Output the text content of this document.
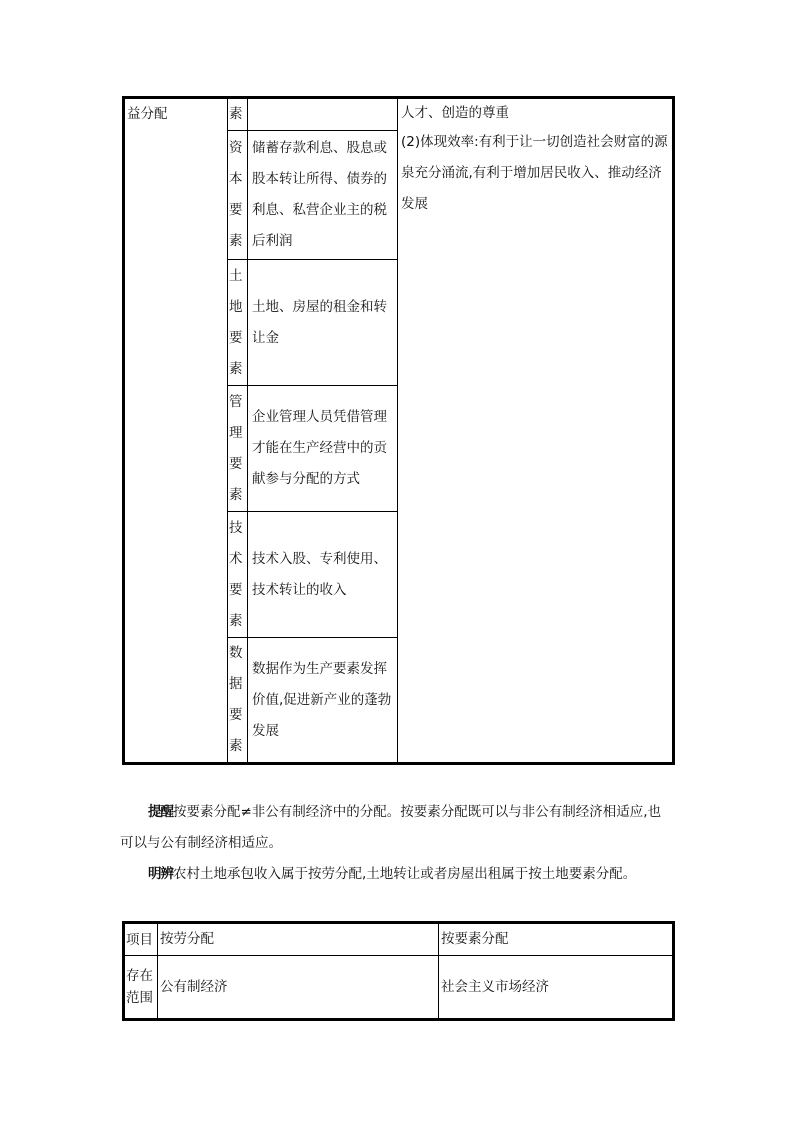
益分配	素		人才、创造的尊重
(2)体现效率:有利于让一切创造社会财富的源泉充分涌流,有利于增加居民收入、推动经济发展

	资本要素	储蓄存款利息、股息或股本转让所得、债券的利息、私营企业主的税后利润	

	土地要素	土地、房屋的租金和转让金	

	管理要素	企业管理人员凭借管理才能在生产经营中的贡献参与分配的方式	

	技术要素	技术入股、专利使用、技术转让的收入	

	数据要素	数据作为生产要素发挥价值,促进新产业的蓬勃发展	
提醒按要素分配≠非公有制经济中的分配。按要素分配既可以与非公有制经济相适应,也可以与公有制经济相适应。
明辨农村土地承包收入属于按劳分配,土地转让或者房屋出租属于按土地要素分配。
项目	按劳分配	按要素分配
存在范围	公有制经济	社会主义市场经济
